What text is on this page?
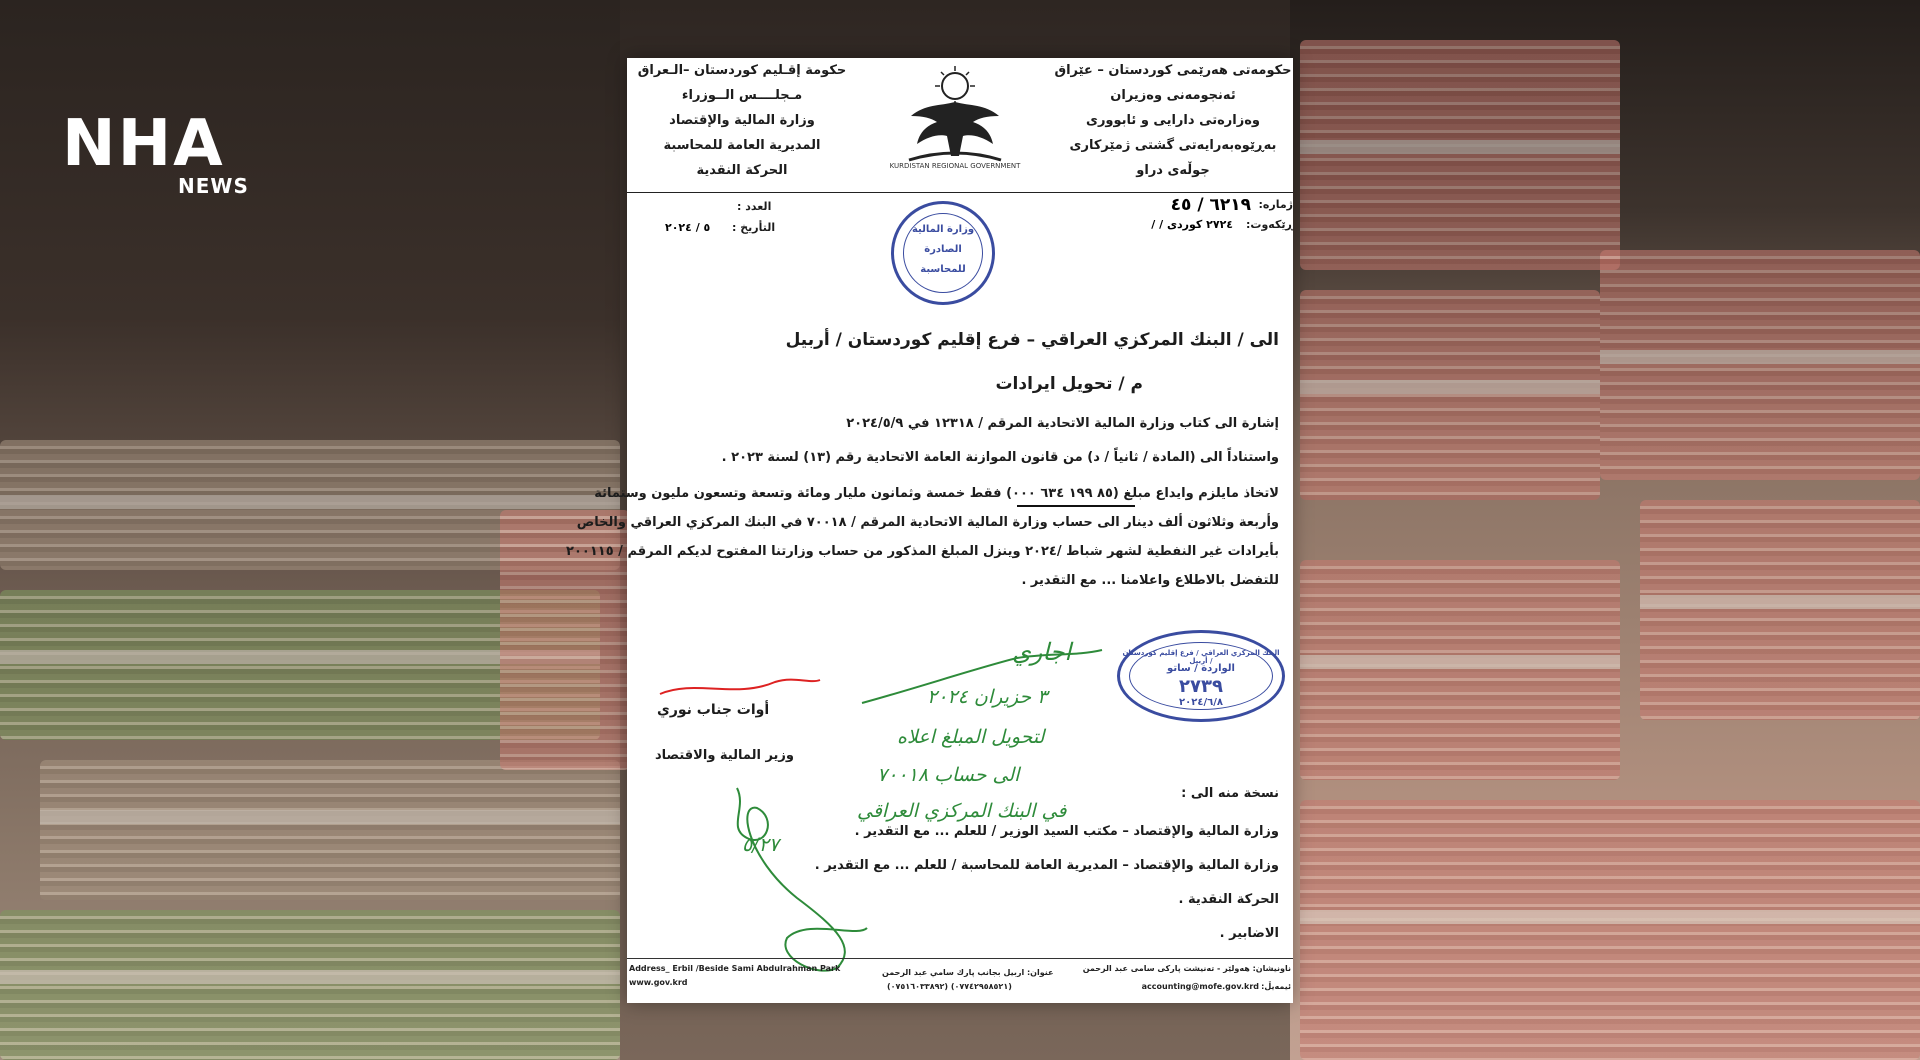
NHA
NEWS
حكومة إقـليم كوردستان –الـعراق
مـجلــــس الــوزراء
وزارة المالية والإقتصاد
المديرية العامة للمحاسبة
الحركة النقدية	KURDISTAN REGIONAL GOVERNMENT
حكومەتی هەرێمی کوردستان – عێراق
ئەنجومەنی وەزیران
وەزارەتی دارایی و ئابووری
بەڕێوەبەرایەتی گشتی ژمێرکاری
جوڵەی دراو
العدد :
التأريخ :
٥ / ٢٠٢٤
ژمارە:
٦٢١٩ / ٤٥
ڕێکەوت:
/ / ٢٧٢٤ کوردی
وزارة المالية
الصادرة
للمحاسبة
الى / البنك المركزي العراقي – فرع إقليم كوردستان / أربيل
م / تحويل ايرادات
إشارة الى كتاب وزارة المالية الاتحادية المرقم / ١٢٣١٨ في ٢٠٢٤/٥/٩
واستناداً الى (المادة / ثانياً / د) من قانون الموازنة العامة الاتحادية رقم (١٣) لسنة ٢٠٢٣ .
لاتخاذ مايلزم وايداع مبلغ (٨٥ ١٩٩ ٦٣٤ ٠٠٠) فقط خمسة وثمانون مليار ومائة وتسعة وتسعون مليون وستمائة
وأربعة وثلاثون ألف دينار الى حساب وزارة المالية الاتحادية المرقم / ٧٠٠١٨ في البنك المركزي العراقي والخاص
بأيرادات غير النفطية لشهر شباط /٢٠٢٤ وينزل المبلغ المذكور من حساب وزارتنا المفتوح لديكم المرقم / ٢٠٠١١٥
للتفضل بالاطلاع واعلامنا ... مع التقدير .
البنك المركزي العراقي / فرع إقليم كوردستان / أربيل
الواردة / ساتو
٢٧٣٩
٢٠٢٤/٦/٨
اجاري
٣ حزيران ٢٠٢٤
لتحويل المبلغ اعلاه
الى حساب ٧٠٠١٨
في البنك المركزي العراقي
أوات جناب نوري
وزير المالية والاقتصاد
٥/٢٧
نسخة منه الى :
وزارة المالية والإقتصاد – مكتب السيد الوزير / للعلم ... مع التقدير .
وزارة المالية والإقتصاد – المديرية العامة للمحاسبة / للعلم ... مع التقدير .
الحركة النقدية .
الاضابير .
Address_ Erbil /Beside Sami Abdulrahman Park
www.gov.krd
عنوان: اربيل بجانب پارك سامي عبد الرحمن
(٠٧٥١٦٠٣٣٨٩٢) (٠٧٧٤٢٩٥٨٥٢١)
ناونیشان: هەولێر - تەنیشت پارکی سامی عبد الرحمن
ئیمەیڵ:
accounting@mofe.gov.krd
